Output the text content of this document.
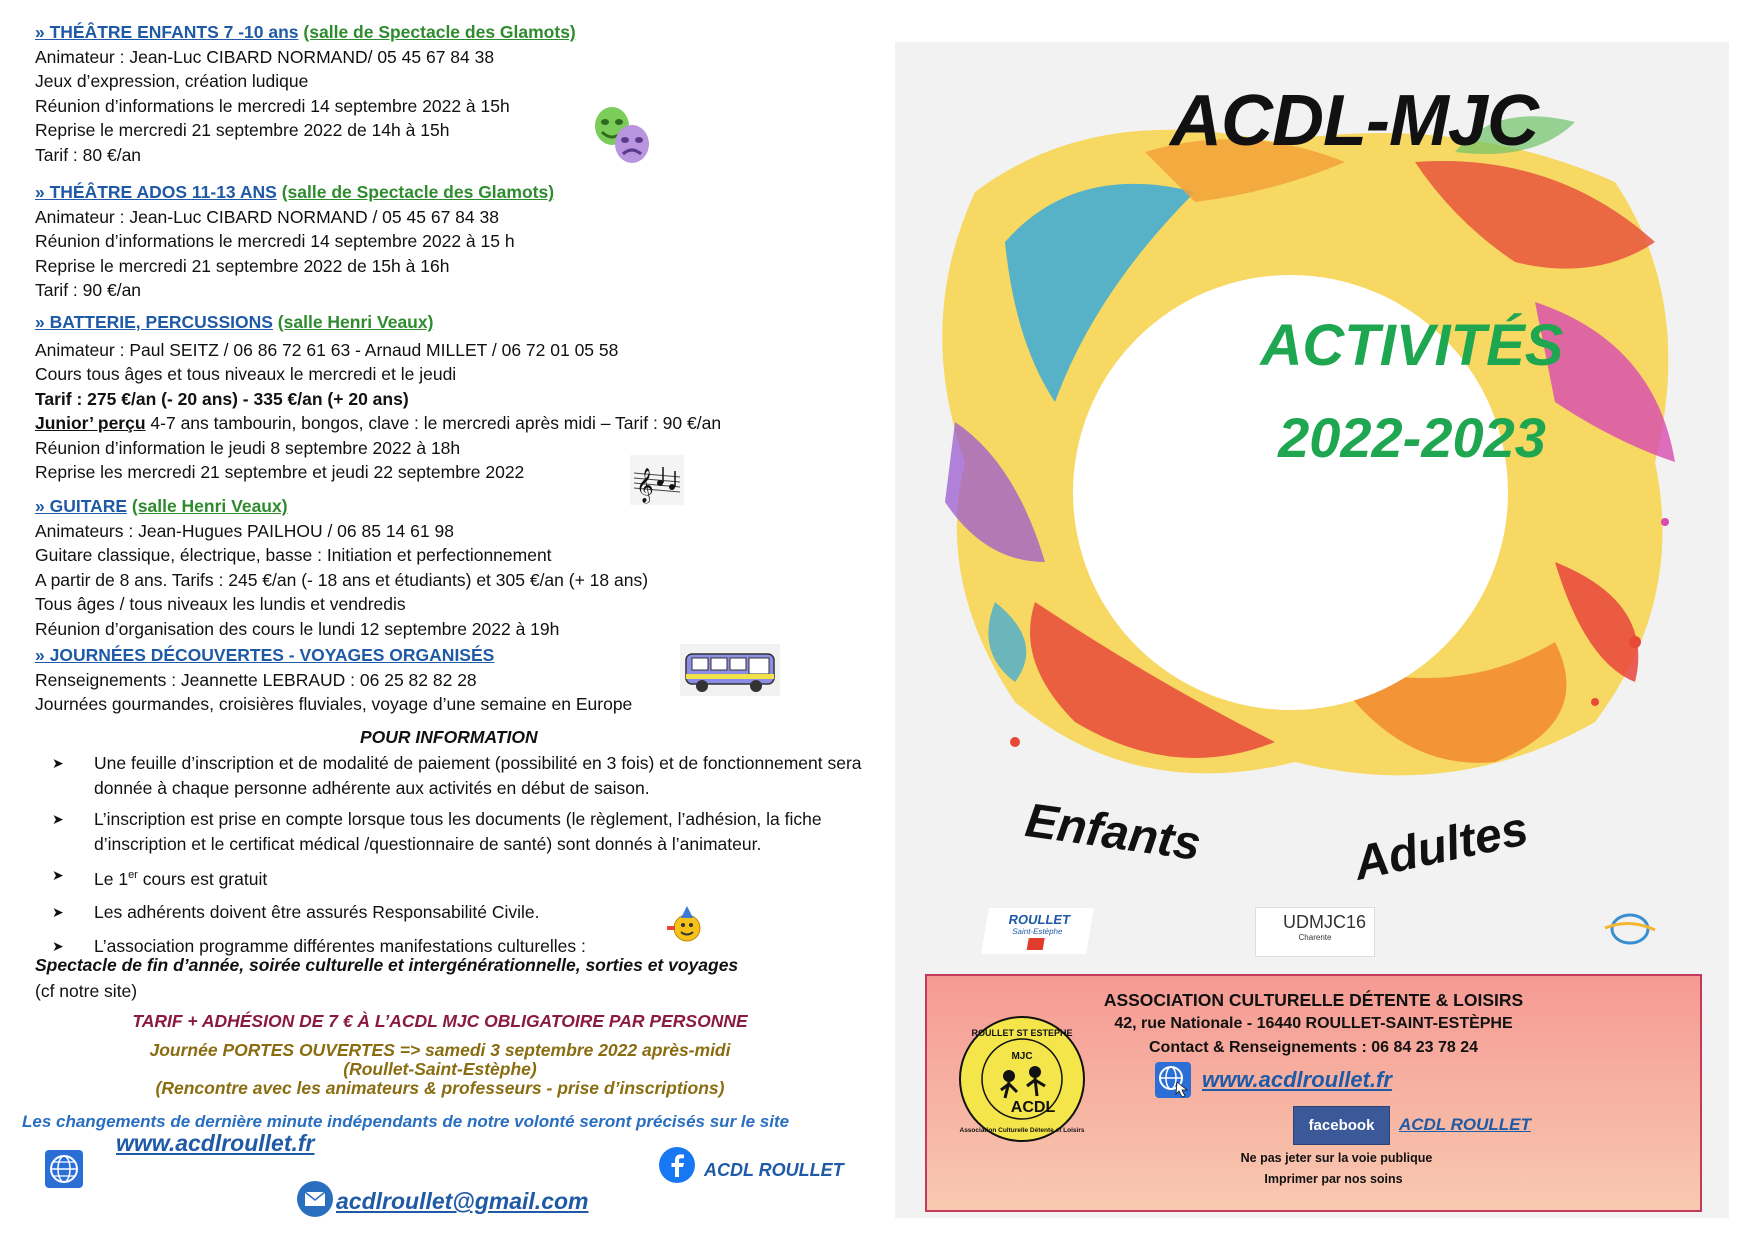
» THÉÂTRE ENFANTS 7 -10 ans (salle de Spectacle des Glamots)

Animateur : Jean-Luc CIBARD NORMAND/ 05 45 67 84 38

Jeux d’expression, création ludique

Réunion d’informations le mercredi 14 septembre 2022 à 15h

Reprise le mercredi 21 septembre 2022 de 14h à 15h

Tarif : 80 €/an

» THÉÂTRE ADOS 11-13 ANS (salle de Spectacle des Glamots)

Animateur : Jean-Luc CIBARD NORMAND / 05 45 67 84 38

Réunion d’informations le mercredi 14 septembre 2022 à 15 h

Reprise le mercredi 21 septembre 2022 de 15h à 16h

Tarif : 90 €/an

» BATTERIE, PERCUSSIONS (salle Henri Veaux)

Animateur : Paul SEITZ / 06 86 72 61 63 - Arnaud MILLET / 06 72 01 05 58

Cours tous âges et tous niveaux le mercredi et le jeudi

Tarif : 275 €/an (- 20 ans) - 335 €/an (+ 20 ans)

Junior’ perçu 4-7 ans tambourin, bongos, clave : le mercredi après midi – Tarif : 90 €/an

Réunion d’information le jeudi 8 septembre 2022 à 18h

Reprise les mercredi 21 septembre et jeudi 22 septembre 2022	𝄞
» GUITARE (salle Henri Veaux)

Animateurs : Jean-Hugues PAILHOU / 06 85 14 61 98

Guitare classique, électrique, basse : Initiation et perfectionnement

A partir de 8 ans. Tarifs : 245 €/an (- 18 ans et étudiants) et 305 €/an (+ 18 ans)

Tous âges / tous niveaux les lundis et vendredis

Réunion d’organisation des cours le lundi 12 septembre 2022 à 19h

» JOURNÉES DÉCOUVERTES - VOYAGES ORGANISÉS

Renseignements : Jeannette LEBRAUD : 06 25 82 82 28

Journées gourmandes, croisières fluviales, voyage d’une semaine en Europe

POUR INFORMATION
➤ Une feuille d’inscription et de modalité de paiement (possibilité en 3 fois) et de fonctionnement sera donnée à chaque personne adhérente aux activités en début de saison.
➤ L’inscription est prise en compte lorsque tous les documents (le règlement, l’adhésion, la fiche d’inscription et le certificat médical /questionnaire de santé) sont donnés à l’animateur.
➤ Le 1er cours est gratuit
➤ Les adhérents doivent être assurés Responsabilité Civile.
➤ L’association programme différentes manifestations culturelles :
Spectacle de fin d’année, soirée culturelle et intergénérationnelle, sorties et voyages
(cf notre site)
TARIF + ADHÉSION DE 7 € À L’ACDL MJC OBLIGATOIRE PAR PERSONNE
Journée PORTES OUVERTES => samedi 3 septembre 2022 après-midi
(Roullet-Saint-Estèphe)
(Rencontre avec les animateurs & professeurs - prise d’inscriptions)
Les changements de dernière minute indépendants de notre volonté seront précisés sur le site
www.acdlroullet.fr
acdlroullet@gmail.com
ACDL ROULLET
ACDL-MJC
ACTIVITÉS
2022-2023
Enfants	Adultes
ROULLET
Saint-Estèphe	UDMJC16
Charente
ASSOCIATION CULTURELLE DÉTENTE & LOISIRS
42, rue Nationale - 16440 ROULLET-SAINT-ESTÈPHE
Contact & Renseignements : 06 84 23 78 24
ROULLET ST ESTEPHE
MJC
ACDL
Association Culturelle Détente et Loisirs
www.acdlroullet.fr
facebook	ACDL ROULLET
Ne pas jeter sur la voie publique
Imprimer par nos soins
